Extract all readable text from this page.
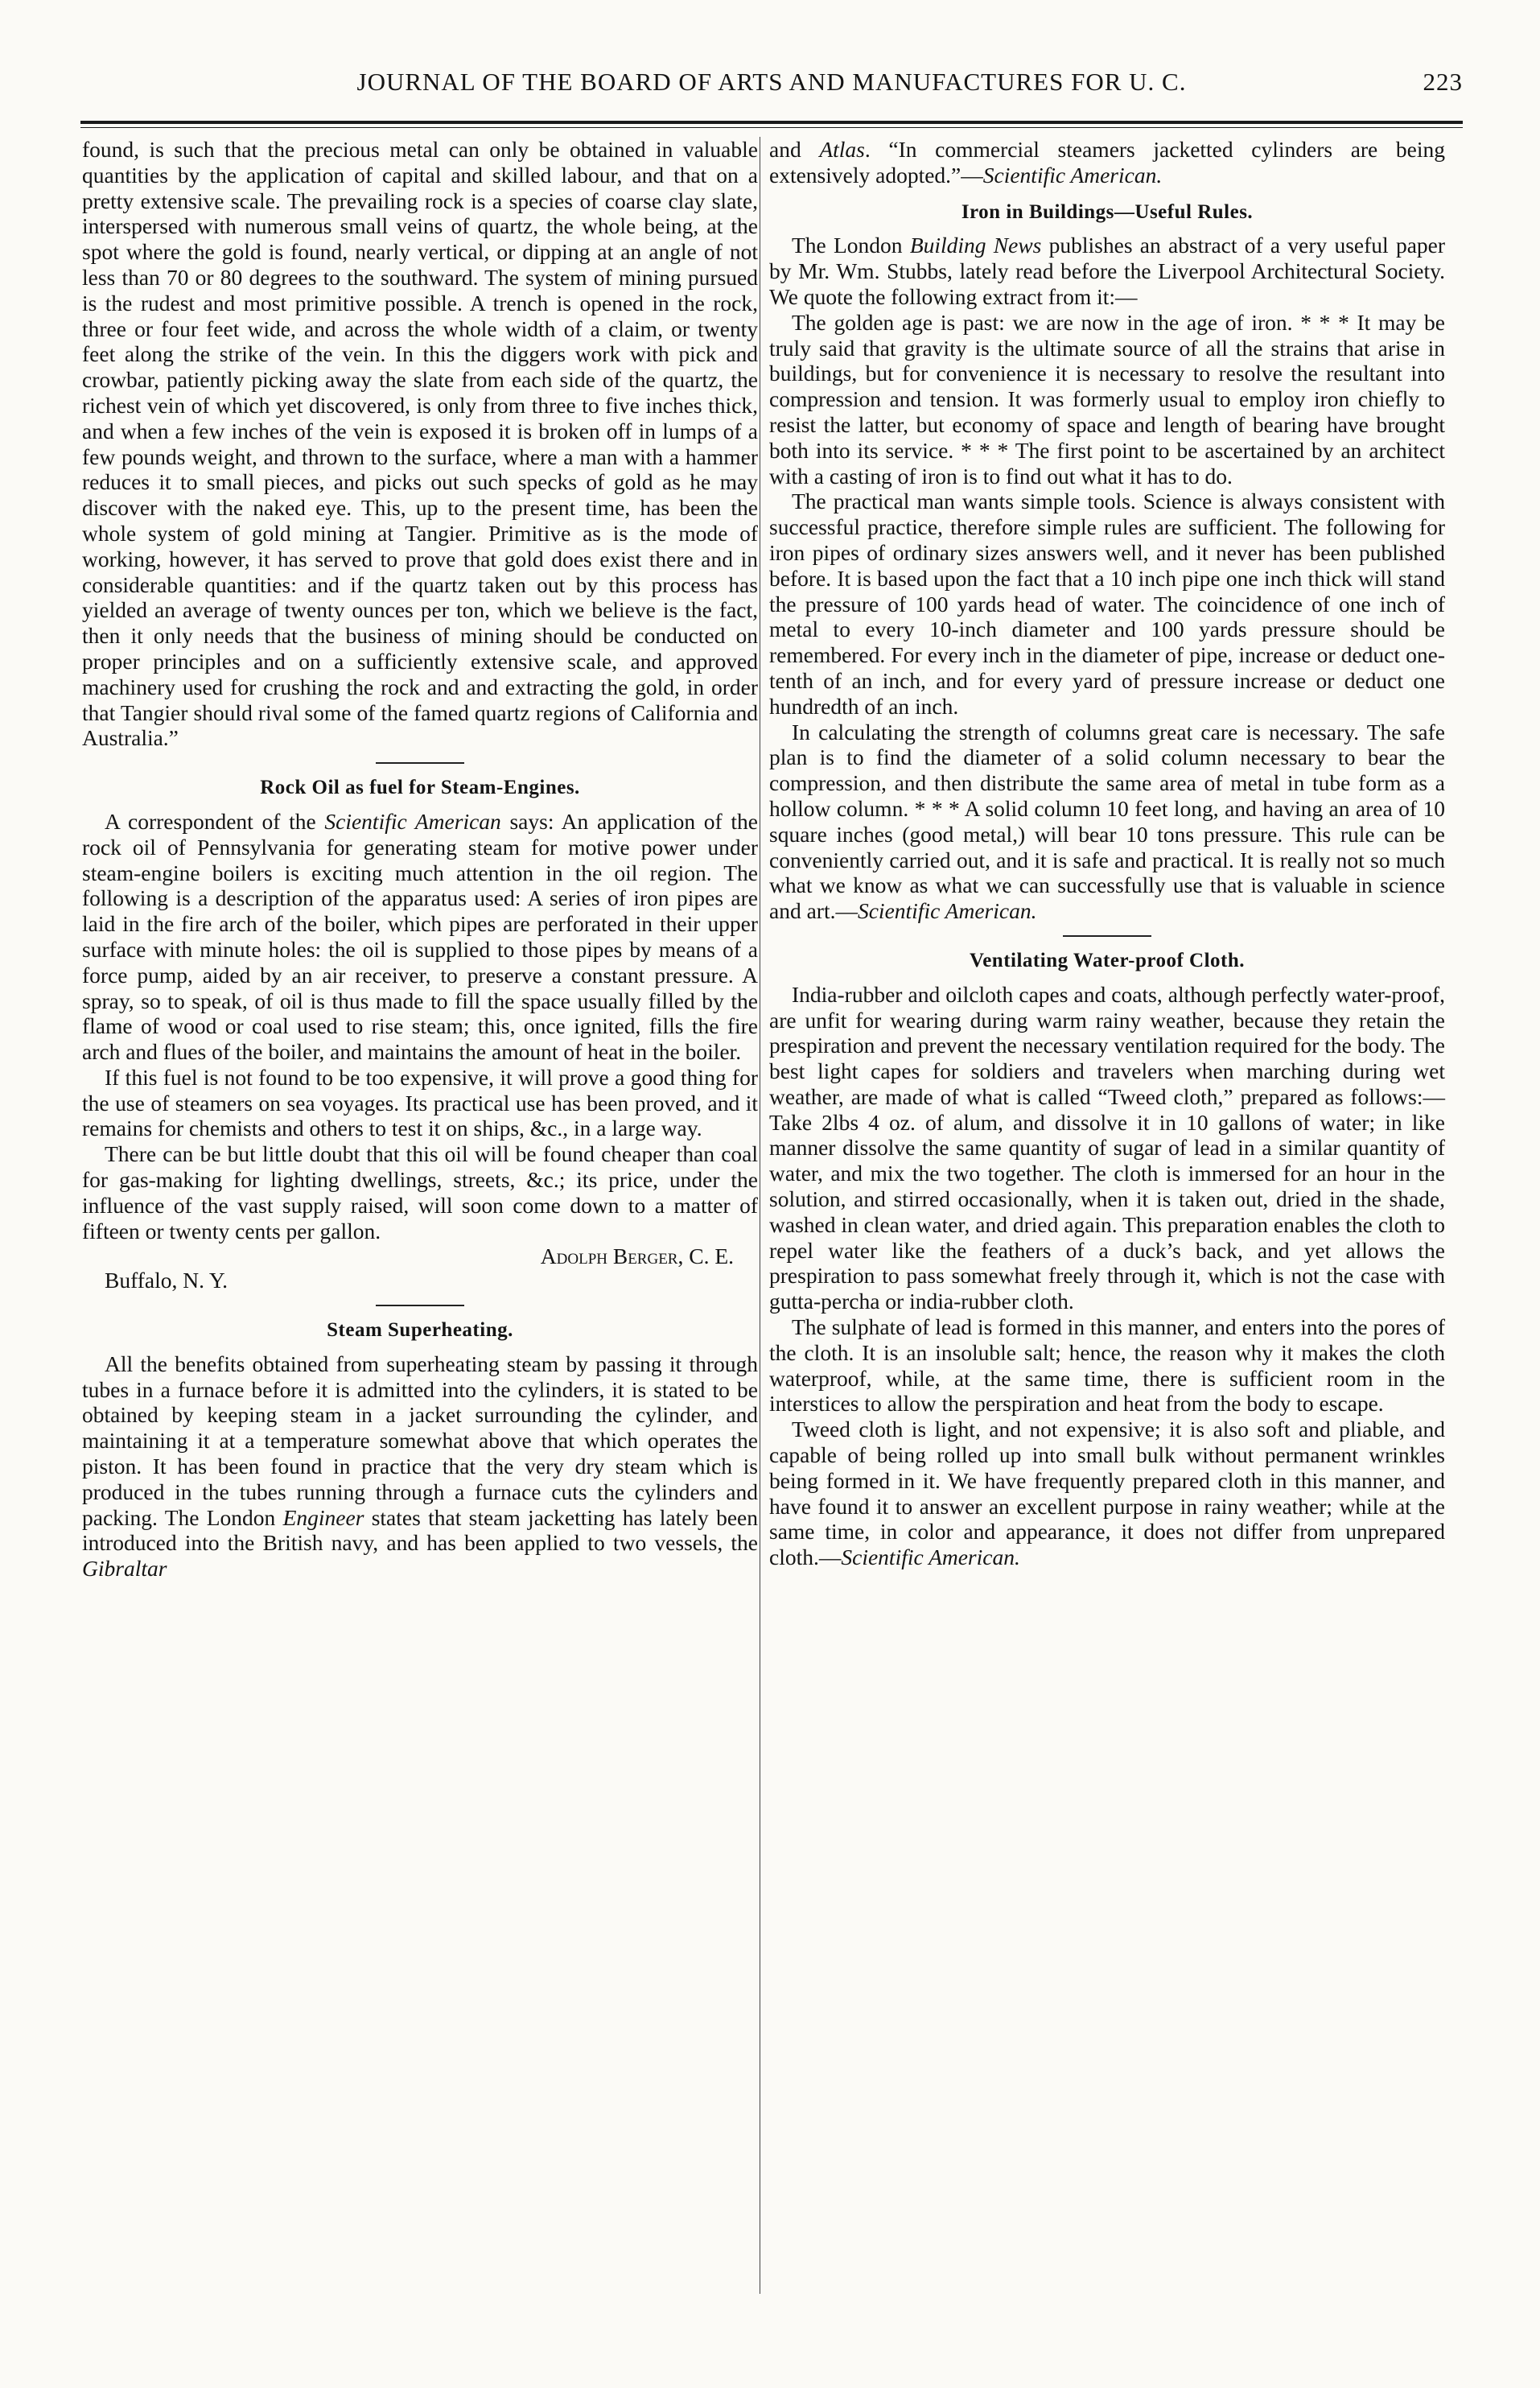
JOURNAL OF THE BOARD OF ARTS AND MANUFACTURES FOR U. C.	223

found, is such that the precious metal can only be obtained in valuable quantities by the application of capital and skilled labour, and that on a pretty extensive scale. The prevailing rock is a species of coarse clay slate, interspersed with numerous small veins of quartz, the whole being, at the spot where the gold is found, nearly vertical, or dipping at an angle of not less than 70 or 80 degrees to the southward. The system of mining pursued is the rudest and most primitive possible. A trench is opened in the rock, three or four feet wide, and across the whole width of a claim, or twenty feet along the strike of the vein. In this the diggers work with pick and crowbar, patiently picking away the slate from each side of the quartz, the richest vein of which yet discovered, is only from three to five inches thick, and when a few inches of the vein is exposed it is broken off in lumps of a few pounds weight, and thrown to the surface, where a man with a hammer reduces it to small pieces, and picks out such specks of gold as he may discover with the naked eye. This, up to the present time, has been the whole system of gold mining at Tangier. Primitive as is the mode of working, however, it has served to prove that gold does exist there and in considerable quantities: and if the quartz taken out by this process has yielded an average of twenty ounces per ton, which we believe is the fact, then it only needs that the business of mining should be conducted on proper principles and on a sufficiently extensive scale, and approved machinery used for crushing the rock and and extracting the gold, in order that Tangier should rival some of the famed quartz regions of California and Australia.”

Rock Oil as fuel for Steam-Engines.

A correspondent of the Scientific American says: An application of the rock oil of Pennsylvania for generating steam for motive power under steam-engine boilers is exciting much attention in the oil region. The following is a description of the apparatus used: A series of iron pipes are laid in the fire arch of the boiler, which pipes are perforated in their upper surface with minute holes: the oil is supplied to those pipes by means of a force pump, aided by an air receiver, to preserve a constant pressure. A spray, so to speak, of oil is thus made to fill the space usually filled by the flame of wood or coal used to rise steam; this, once ignited, fills the fire arch and flues of the boiler, and maintains the amount of heat in the boiler.

If this fuel is not found to be too expensive, it will prove a good thing for the use of steamers on sea voyages. Its practical use has been proved, and it remains for chemists and others to test it on ships, &c., in a large way.

There can be but little doubt that this oil will be found cheaper than coal for gas-making for lighting dwellings, streets, &c.; its price, under the influence of the vast supply raised, will soon come down to a matter of fifteen or twenty cents per gallon.

Adolph Berger, C. E.
Buffalo, N. Y.
Steam Superheating.

All the benefits obtained from superheating steam by passing it through tubes in a furnace before it is admitted into the cylinders, it is stated to be obtained by keeping steam in a jacket surrounding the cylinder, and maintaining it at a temperature somewhat above that which operates the piston. It has been found in practice that the very dry steam which is produced in the tubes running through a furnace cuts the cylinders and packing. The London Engineer states that steam jacketting has lately been introduced into the British navy, and has been applied to two vessels, the Gibraltar

and Atlas. “In commercial steamers jacketted cylinders are being extensively adopted.”—Scientific American.

Iron in Buildings—Useful Rules.

The London Building News publishes an abstract of a very useful paper by Mr. Wm. Stubbs, lately read before the Liverpool Architectural Society. We quote the following extract from it:—

The golden age is past: we are now in the age of iron. * * * It may be truly said that gravity is the ultimate source of all the strains that arise in buildings, but for convenience it is necessary to resolve the resultant into compression and tension. It was formerly usual to employ iron chiefly to resist the latter, but economy of space and length of bearing have brought both into its service. * * * The first point to be ascertained by an architect with a casting of iron is to find out what it has to do.

The practical man wants simple tools. Science is always consistent with successful practice, therefore simple rules are sufficient. The following for iron pipes of ordinary sizes answers well, and it never has been published before. It is based upon the fact that a 10 inch pipe one inch thick will stand the pressure of 100 yards head of water. The coincidence of one inch of metal to every 10-inch diameter and 100 yards pressure should be remembered. For every inch in the diameter of pipe, increase or deduct one-tenth of an inch, and for every yard of pressure increase or deduct one hundredth of an inch.

In calculating the strength of columns great care is necessary. The safe plan is to find the diameter of a solid column necessary to bear the compression, and then distribute the same area of metal in tube form as a hollow column. * * * A solid column 10 feet long, and having an area of 10 square inches (good metal,) will bear 10 tons pressure. This rule can be conveniently carried out, and it is safe and practical. It is really not so much what we know as what we can successfully use that is valuable in science and art.—Scientific American.

Ventilating Water-proof Cloth.

India-rubber and oilcloth capes and coats, although perfectly water-proof, are unfit for wearing during warm rainy weather, because they retain the prespiration and prevent the necessary ventilation required for the body. The best light capes for soldiers and travelers when marching during wet weather, are made of what is called “Tweed cloth,” prepared as follows:—Take 2lbs 4 oz. of alum, and dissolve it in 10 gallons of water; in like manner dissolve the same quantity of sugar of lead in a similar quantity of water, and mix the two together. The cloth is immersed for an hour in the solution, and stirred occasionally, when it is taken out, dried in the shade, washed in clean water, and dried again. This preparation enables the cloth to repel water like the feathers of a duck’s back, and yet allows the prespiration to pass somewhat freely through it, which is not the case with gutta-percha or india-rubber cloth.

The sulphate of lead is formed in this manner, and enters into the pores of the cloth. It is an insoluble salt; hence, the reason why it makes the cloth waterproof, while, at the same time, there is sufficient room in the interstices to allow the perspiration and heat from the body to escape.

Tweed cloth is light, and not expensive; it is also soft and pliable, and capable of being rolled up into small bulk without permanent wrinkles being formed in it. We have frequently prepared cloth in this manner, and have found it to answer an excellent purpose in rainy weather; while at the same time, in color and appearance, it does not differ from unprepared cloth.—Scientific American.
